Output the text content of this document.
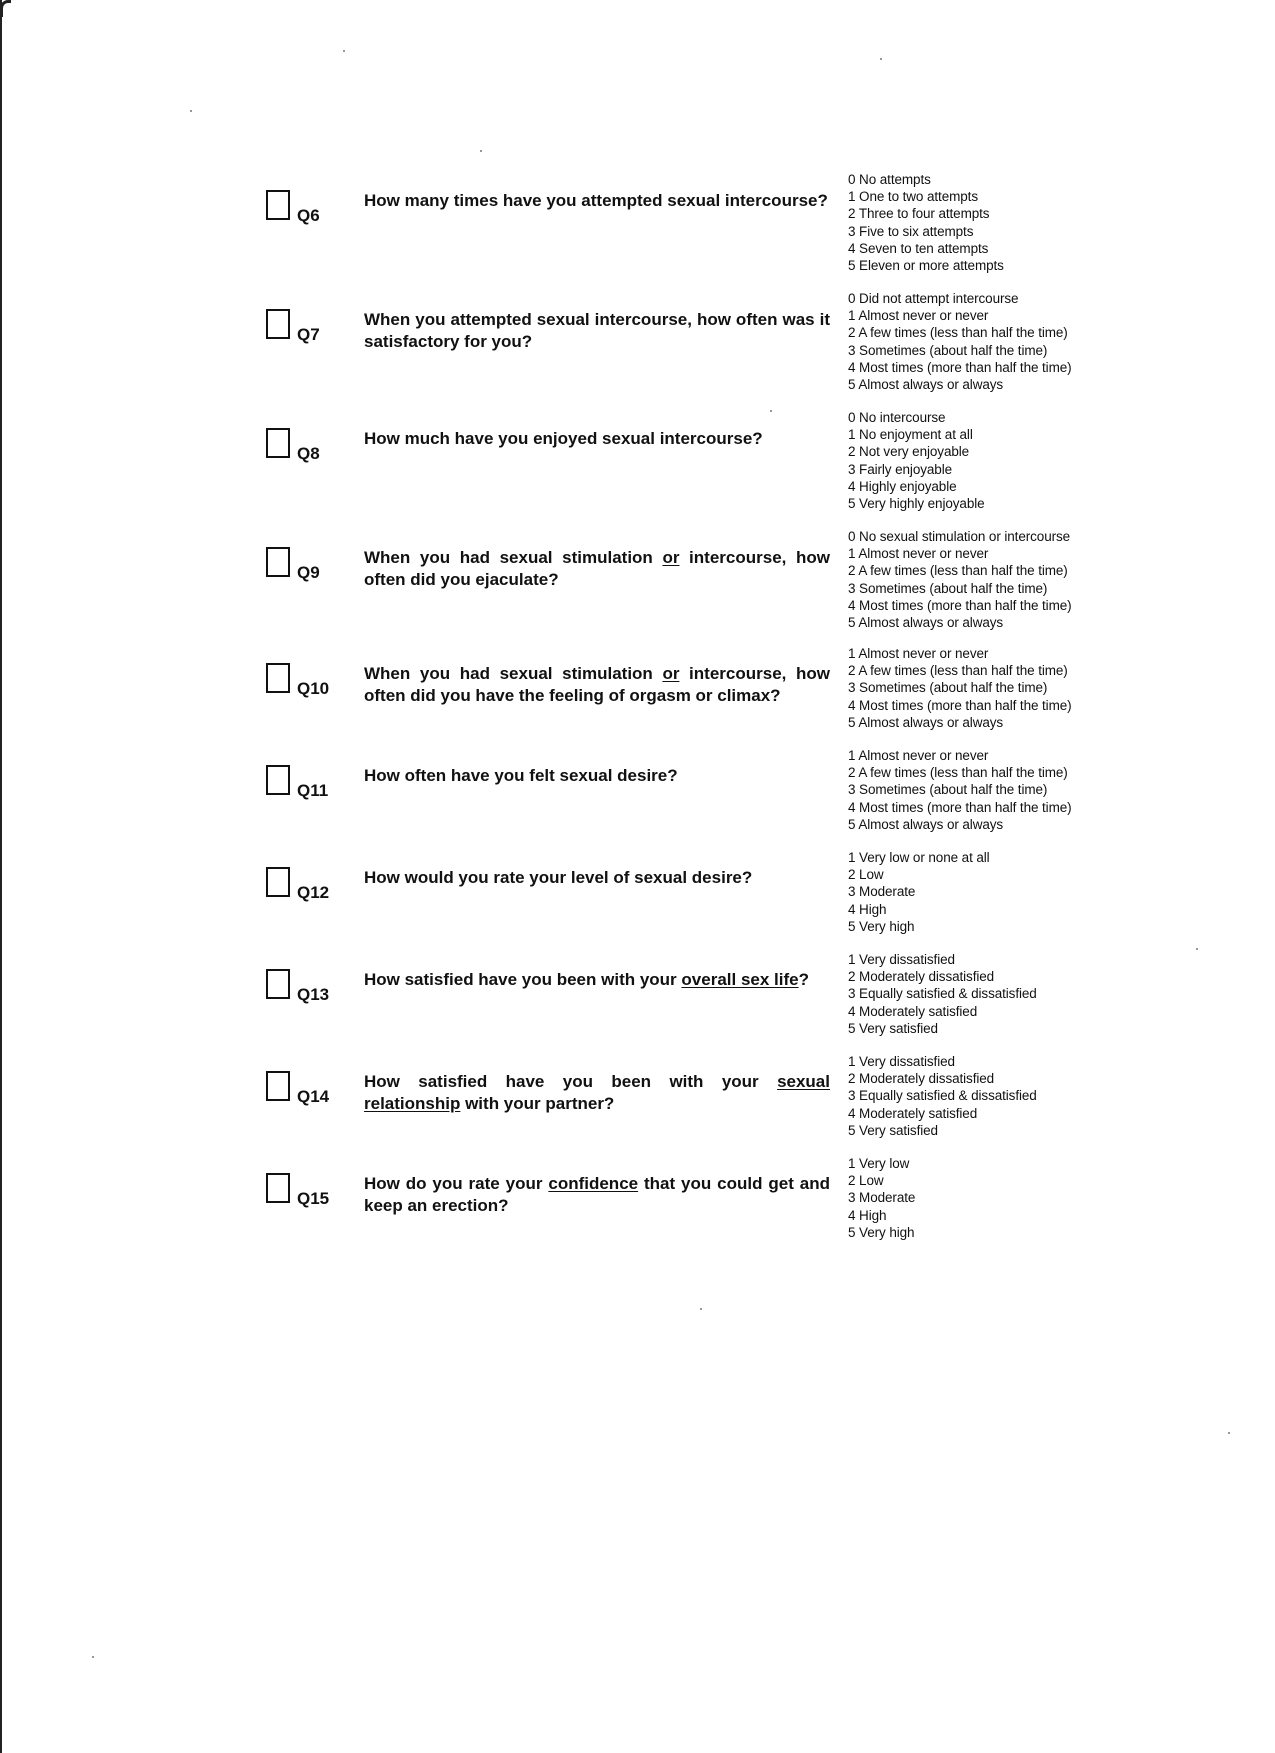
Q6
How many times have you attempted sexual intercourse?
0 No attempts
1 One to two attempts
2 Three to four attempts
3 Five to six attempts
4 Seven to ten attempts
5 Eleven or more attempts
Q7
When you attempted sexual intercourse, how often was it satisfactory for you?
0 Did not attempt intercourse
1 Almost never or never
2 A few times (less than half the time)
3 Sometimes (about half the time)
4 Most times (more than half the time)
5 Almost always or always
Q8
How much have you enjoyed sexual intercourse?
0 No intercourse
1 No enjoyment at all
2 Not very enjoyable
3 Fairly enjoyable
4 Highly enjoyable
5 Very highly enjoyable
Q9
When you had sexual stimulation or intercourse, how often did you ejaculate?
0 No sexual stimulation or intercourse
1 Almost never or never
2 A few times (less than half the time)
3 Sometimes (about half the time)
4 Most times (more than half the time)
5 Almost always or always
Q10
When you had sexual stimulation or intercourse, how often did you have the feeling of orgasm or climax?
1 Almost never or never
2 A few times (less than half the time)
3 Sometimes (about half the time)
4 Most times (more than half the time)
5 Almost always or always
Q11
How often have you felt sexual desire?
1 Almost never or never
2 A few times (less than half the time)
3 Sometimes (about half the time)
4 Most times (more than half the time)
5 Almost always or always
Q12
How would you rate your level of sexual desire?
1 Very low or none at all
2 Low
3 Moderate
4 High
5 Very high
Q13
How satisfied have you been with your overall sex life?
1 Very dissatisfied
2 Moderately dissatisfied
3 Equally satisfied & dissatisfied
4 Moderately satisfied
5 Very satisfied
Q14
How satisfied have you been with your sexual relationship with your partner?
1 Very dissatisfied
2 Moderately dissatisfied
3 Equally satisfied & dissatisfied
4 Moderately satisfied
5 Very satisfied
Q15
How do you rate your confidence that you could get and keep an erection?
1 Very low
2 Low
3 Moderate
4 High
5 Very high
